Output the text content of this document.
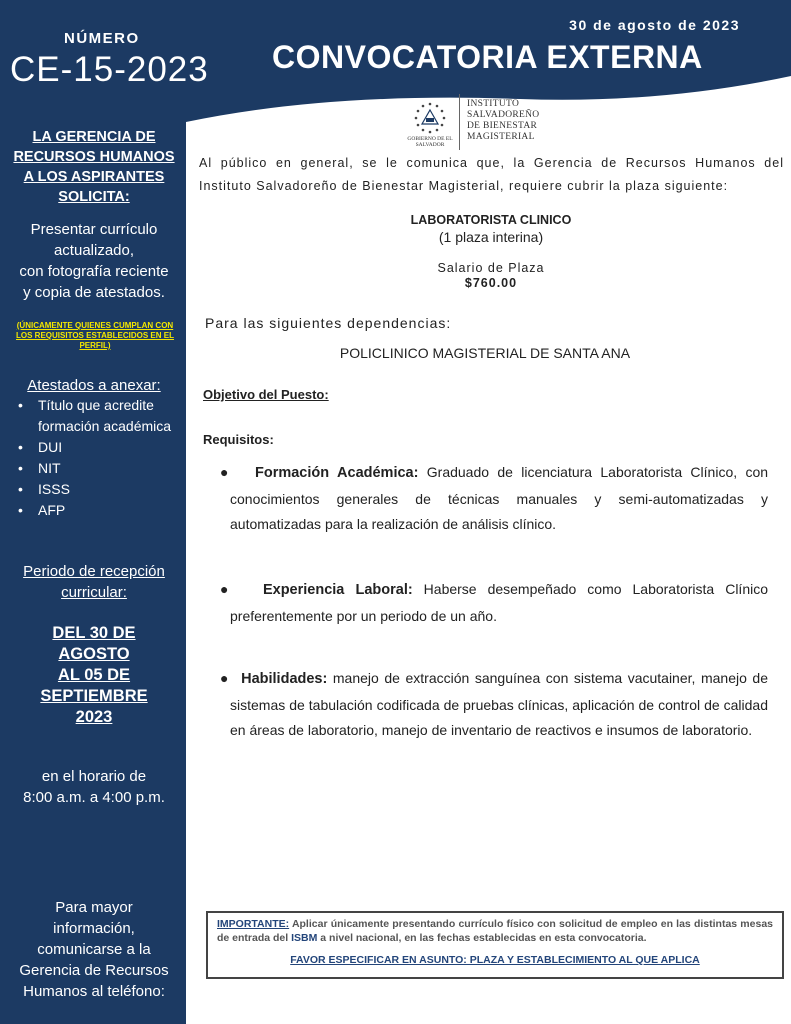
NÚMERO
CE-15-2023
30 de agosto de 2023
CONVOCATORIA EXTERNA
LA GERENCIA DE
RECURSOS HUMANOS
A LOS ASPIRANTES
SOLICITA:
Presentar currículo
actualizado,
con fotografía reciente
y copia de atestados.
(ÚNICAMENTE QUIENES CUMPLAN CON LOS REQUISITOS ESTABLECIDOS EN EL PERFIL)
Atestados a anexar:
• Título que acredite formación académica
• DUI
• NIT
• ISSS
• AFP
Periodo de recepción
curricular:
DEL 30 DE
AGOSTO
AL 05 DE
SEPTIEMBRE
2023
en el horario de
8:00 a.m. a 4:00 p.m.
Para mayor
información,
comunicarse a la
Gerencia de Recursos
Humanos al teléfono:
GOBIERNO DE EL SALVADOR
INSTITUTO
SALVADOREÑO
DE BIENESTAR
MAGISTERIAL
Al público en general, se le comunica que, la Gerencia de Recursos Humanos del Instituto Salvadoreño de Bienestar Magisterial, requiere cubrir la plaza siguiente:
LABORATORISTA CLINICO
(1 plaza interina)
Salario de Plaza
$760.00
Para las siguientes dependencias:
POLICLINICO MAGISTERIAL DE SANTA ANA
Objetivo del Puesto:
Requisitos:
● Formación Académica: Graduado de licenciatura Laboratorista Clínico, con conocimientos generales de técnicas manuales y semi-automatizadas y automatizadas para la realización de análisis clínico.
● Experiencia Laboral: Haberse desempeñado como Laboratorista Clínico preferentemente por un periodo de un año.
● Habilidades: manejo de extracción sanguínea con sistema vacutainer, manejo de sistemas de tabulación codificada de pruebas clínicas, aplicación de control de calidad en áreas de laboratorio, manejo de inventario de reactivos e insumos de laboratorio.
IMPORTANTE: Aplicar únicamente presentando currículo físico con solicitud de empleo en las distintas mesas de entrada del ISBM a nivel nacional, en las fechas establecidas en esta convocatoria.
FAVOR ESPECIFICAR EN ASUNTO: PLAZA Y ESTABLECIMIENTO AL QUE APLICA
